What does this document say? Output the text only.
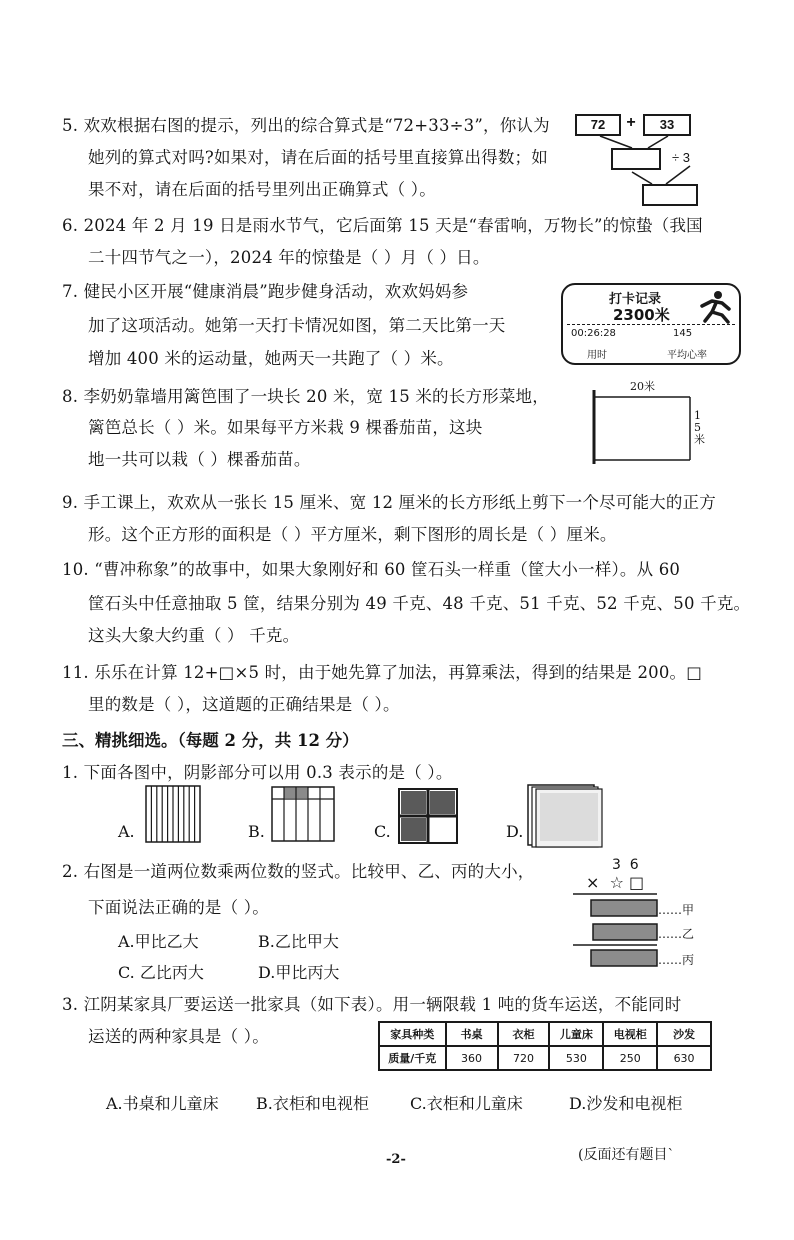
5. 欢欢根据右图的提示，列出的综合算式是“72+33÷3”，你认为
她列的算式对吗?如果对，请在后面的括号里直接算出得数；如
果不对，请在后面的括号里列出正确算式（ ）。
72	+	33
÷ 3
6. 2024 年 2 月 19 日是雨水节气，它后面第 15 天是“春雷响，万物长”的惊蛰（我国
二十四节气之一），2024 年的惊蛰是（ ）月（ ）日。
7. 健民小区开展“健康消晨”跑步健身活动，欢欢妈妈参
加了这项活动。她第一天打卡情况如图，第二天比第一天
增加 400 米的运动量，她两天一共跑了（ ）米。
打卡记录
2300米
00:26:28	145
用时	平均心率
8. 李奶奶靠墙用篱笆围了一块长 20 米，宽 15 米的长方形菜地，
篱笆总长（ ）米。如果每平方米栽 9 棵番茄苗，这块
地一共可以栽（ ）棵番茄苗。
20米
15米
9. 手工课上，欢欢从一张长 15 厘米、宽 12 厘米的长方形纸上剪下一个尽可能大的正方
形。这个正方形的面积是（ ）平方厘米，剩下图形的周长是（ ）厘米。
10. “曹冲称象”的故事中，如果大象刚好和 60 筐石头一样重（筐大小一样）。从 60
筐石头中任意抽取 5 筐，结果分别为 49 千克、48 千克、51 千克、52 千克、50 千克。
这头大象大约重（ ） 千克。
11. 乐乐在计算 12+□×5 时，由于她先算了加法，再算乘法，得到的结果是 200。□
里的数是（ ），这道题的正确结果是（ ）。
三、精挑细选。（每题 2 分，共 12 分）
1. 下面各图中，阴影部分可以用 0.3 表示的是（ ）。
A.	B.	C.	D.
2. 右图是一道两位数乘两位数的竖式。比较甲、乙、丙的大小，
下面说法正确的是（ ）。
A.甲比乙大	B.乙比甲大
C. 乙比丙大	D.甲比丙大
3  6
×  ☆ □
……甲
……乙
……丙
3. 江阴某家具厂要运送一批家具（如下表）。用一辆限载 1 吨的货车运送，不能同时
运送的两种家具是（ ）。	家具种类	书桌	衣柜	儿童床	电视柜	沙发
质量/千克	360	720	530	250	630
A.书桌和儿童床 B.衣柜和电视柜	C.衣柜和儿童床	D.沙发和电视柜
-2-	(反面还有题目`
